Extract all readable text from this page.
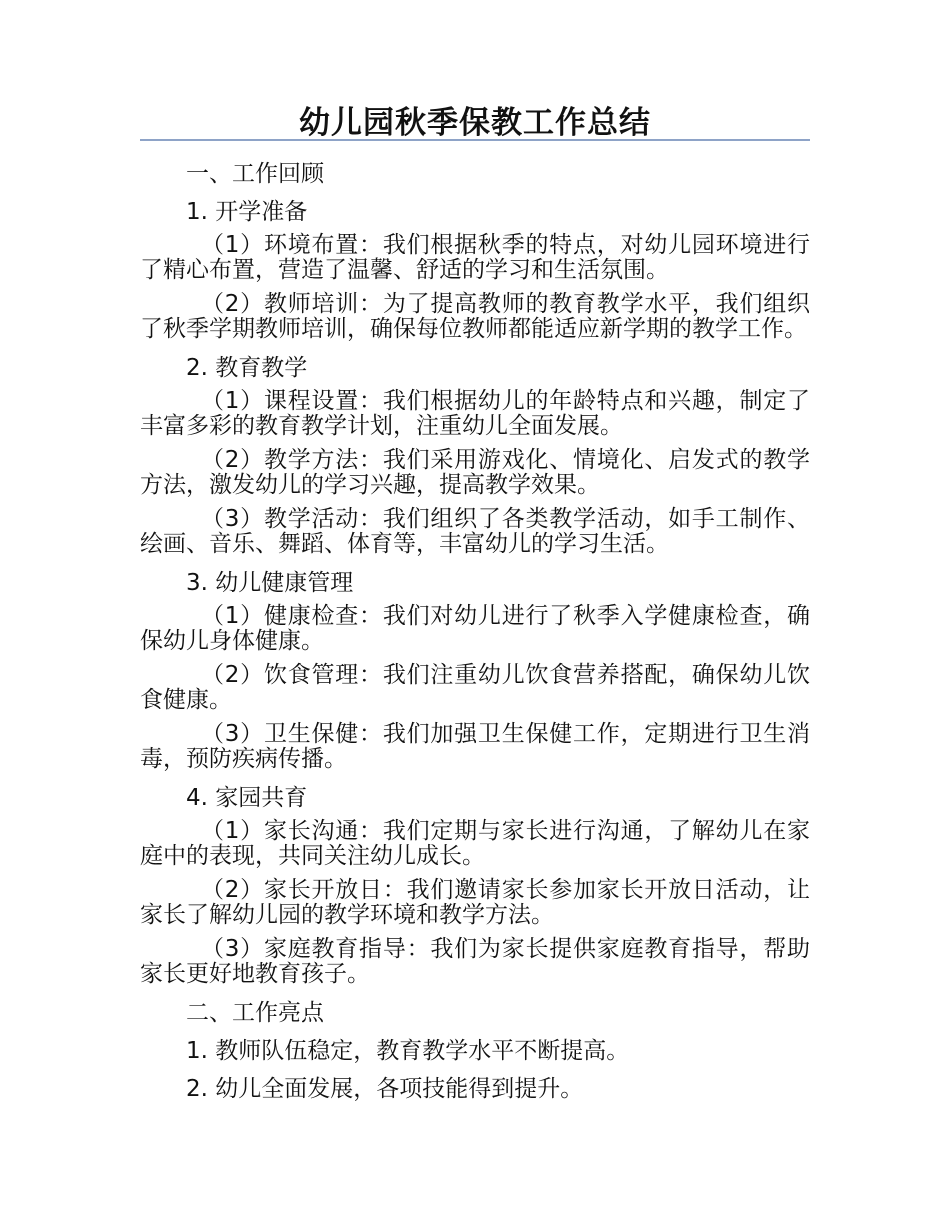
幼儿园秋季保教工作总结

一、工作回顾

1. 开学准备

（1）环境布置：我们根据秋季的特点，对幼儿园环境进行了精心布置，营造了温馨、舒适的学习和生活氛围。

（2）教师培训：为了提高教师的教育教学水平，我们组织了秋季学期教师培训，确保每位教师都能适应新学期的教学工作。

2. 教育教学

（1）课程设置：我们根据幼儿的年龄特点和兴趣，制定了丰富多彩的教育教学计划，注重幼儿全面发展。

（2）教学方法：我们采用游戏化、情境化、启发式的教学方法，激发幼儿的学习兴趣，提高教学效果。

（3）教学活动：我们组织了各类教学活动，如手工制作、绘画、音乐、舞蹈、体育等，丰富幼儿的学习生活。

3. 幼儿健康管理

（1）健康检查：我们对幼儿进行了秋季入学健康检查，确保幼儿身体健康。

（2）饮食管理：我们注重幼儿饮食营养搭配，确保幼儿饮食健康。

（3）卫生保健：我们加强卫生保健工作，定期进行卫生消毒，预防疾病传播。

4. 家园共育

（1）家长沟通：我们定期与家长进行沟通，了解幼儿在家庭中的表现，共同关注幼儿成长。

（2）家长开放日：我们邀请家长参加家长开放日活动，让家长了解幼儿园的教学环境和教学方法。

（3）家庭教育指导：我们为家长提供家庭教育指导，帮助家长更好地教育孩子。

二、工作亮点

1. 教师队伍稳定，教育教学水平不断提高。

2. 幼儿全面发展，各项技能得到提升。
